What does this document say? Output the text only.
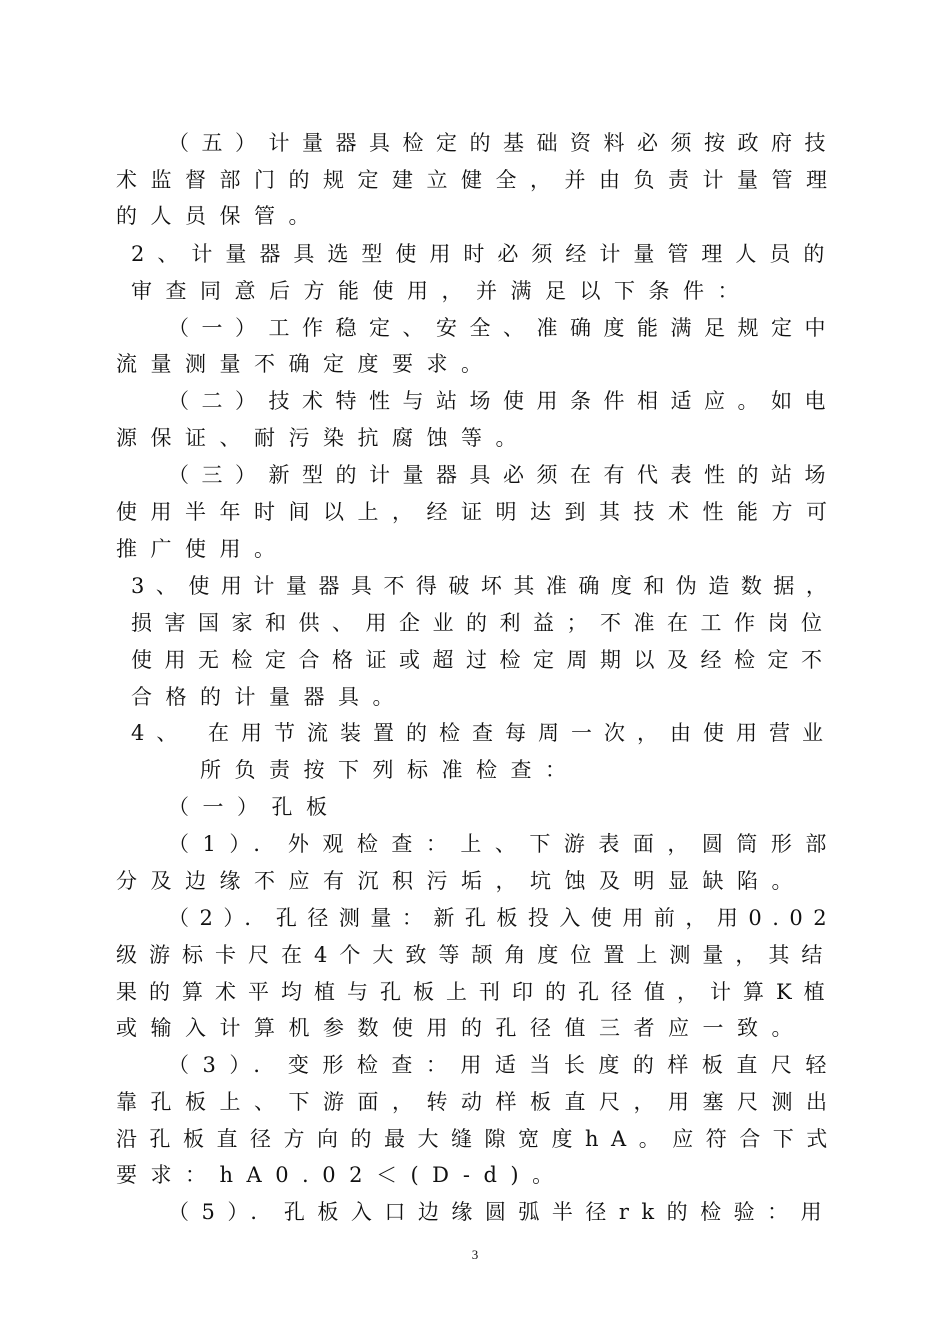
（五）计量器具检定的基础资料必须按政府技
术监督部门的规定建立健全，并由负责计量管理
的人员保管。
2、计量器具选型使用时必须经计量管理人员的
审查同意后方能使用，并满足以下条件：
（一）工作稳定、安全、准确度能满足规定中
流量测量不确定度要求。
（二）技术特性与站场使用条件相适应。如电
源保证、耐污染抗腐蚀等。
（三）新型的计量器具必须在有代表性的站场
使用半年时间以上，经证明达到其技术性能方可
推广使用。
3、使用计量器具不得破坏其准确度和伪造数据，
损害国家和供、用企业的利益；不准在工作岗位
使用无检定合格证或超过检定周期以及经检定不
合格的计量器具。
4、 在用节流装置的检查每周一次，由使用营业
所负责按下列标准检查：
（一）孔板
（1）．外观检查：上、下游表面，圆筒形部
分及边缘不应有沉积污垢，坑蚀及明显缺陷。
（2）．孔径测量：新孔板投入使用前，用0.02
级游标卡尺在4个大致等颉角度位置上测量，其结
果的算术平均植与孔板上刊印的孔径值，计算K植
或输入计算机参数使用的孔径值三者应一致。
（3）．变形检查：用适当长度的样板直尺轻
靠孔板上、下游面，转动样板直尺，用塞尺测出
沿孔板直径方向的最大缝隙宽度hA。应符合下式
要求：hA0.02＜(D-d)。
（5）．孔板入口边缘圆弧半径rk的检验：用
3
